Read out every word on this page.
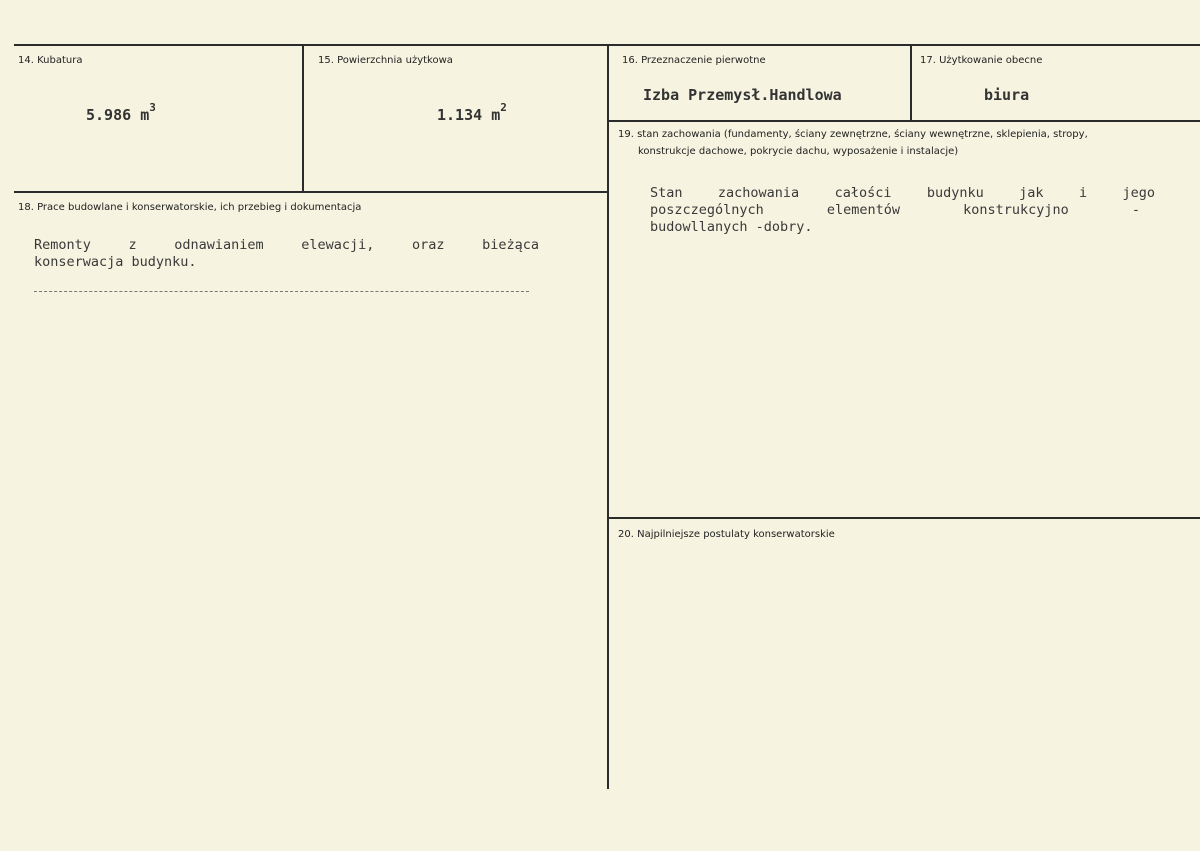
14. Kubatura
5.986 $m^3$
15. Powierzchnia użytkowa
1.134 $m^2$
16. Przeznaczenie pierwotne
Izba Przemysł.Handlowa
17. Użytkowanie obecne
biura
18. Prace budowlane i konserwatorskie, ich przebieg i dokumentacja
Remonty	z	odnawianiem	elewacji,	oraz	bieżąca
konserwacja budynku.
19. stan zachowania (fundamenty, ściany zewnętrzne, ściany wewnętrzne, sklepienia, stropy,
konstrukcje dachowe, pokrycie dachu, wyposażenie i instalacje)
Stan	zachowania	całości	budynku	jak	i	jego
poszczególnych	elementów	konstrukcyjno	-
budowllanych -dobry.
20. Najpilniejsze postulaty konserwatorskie
